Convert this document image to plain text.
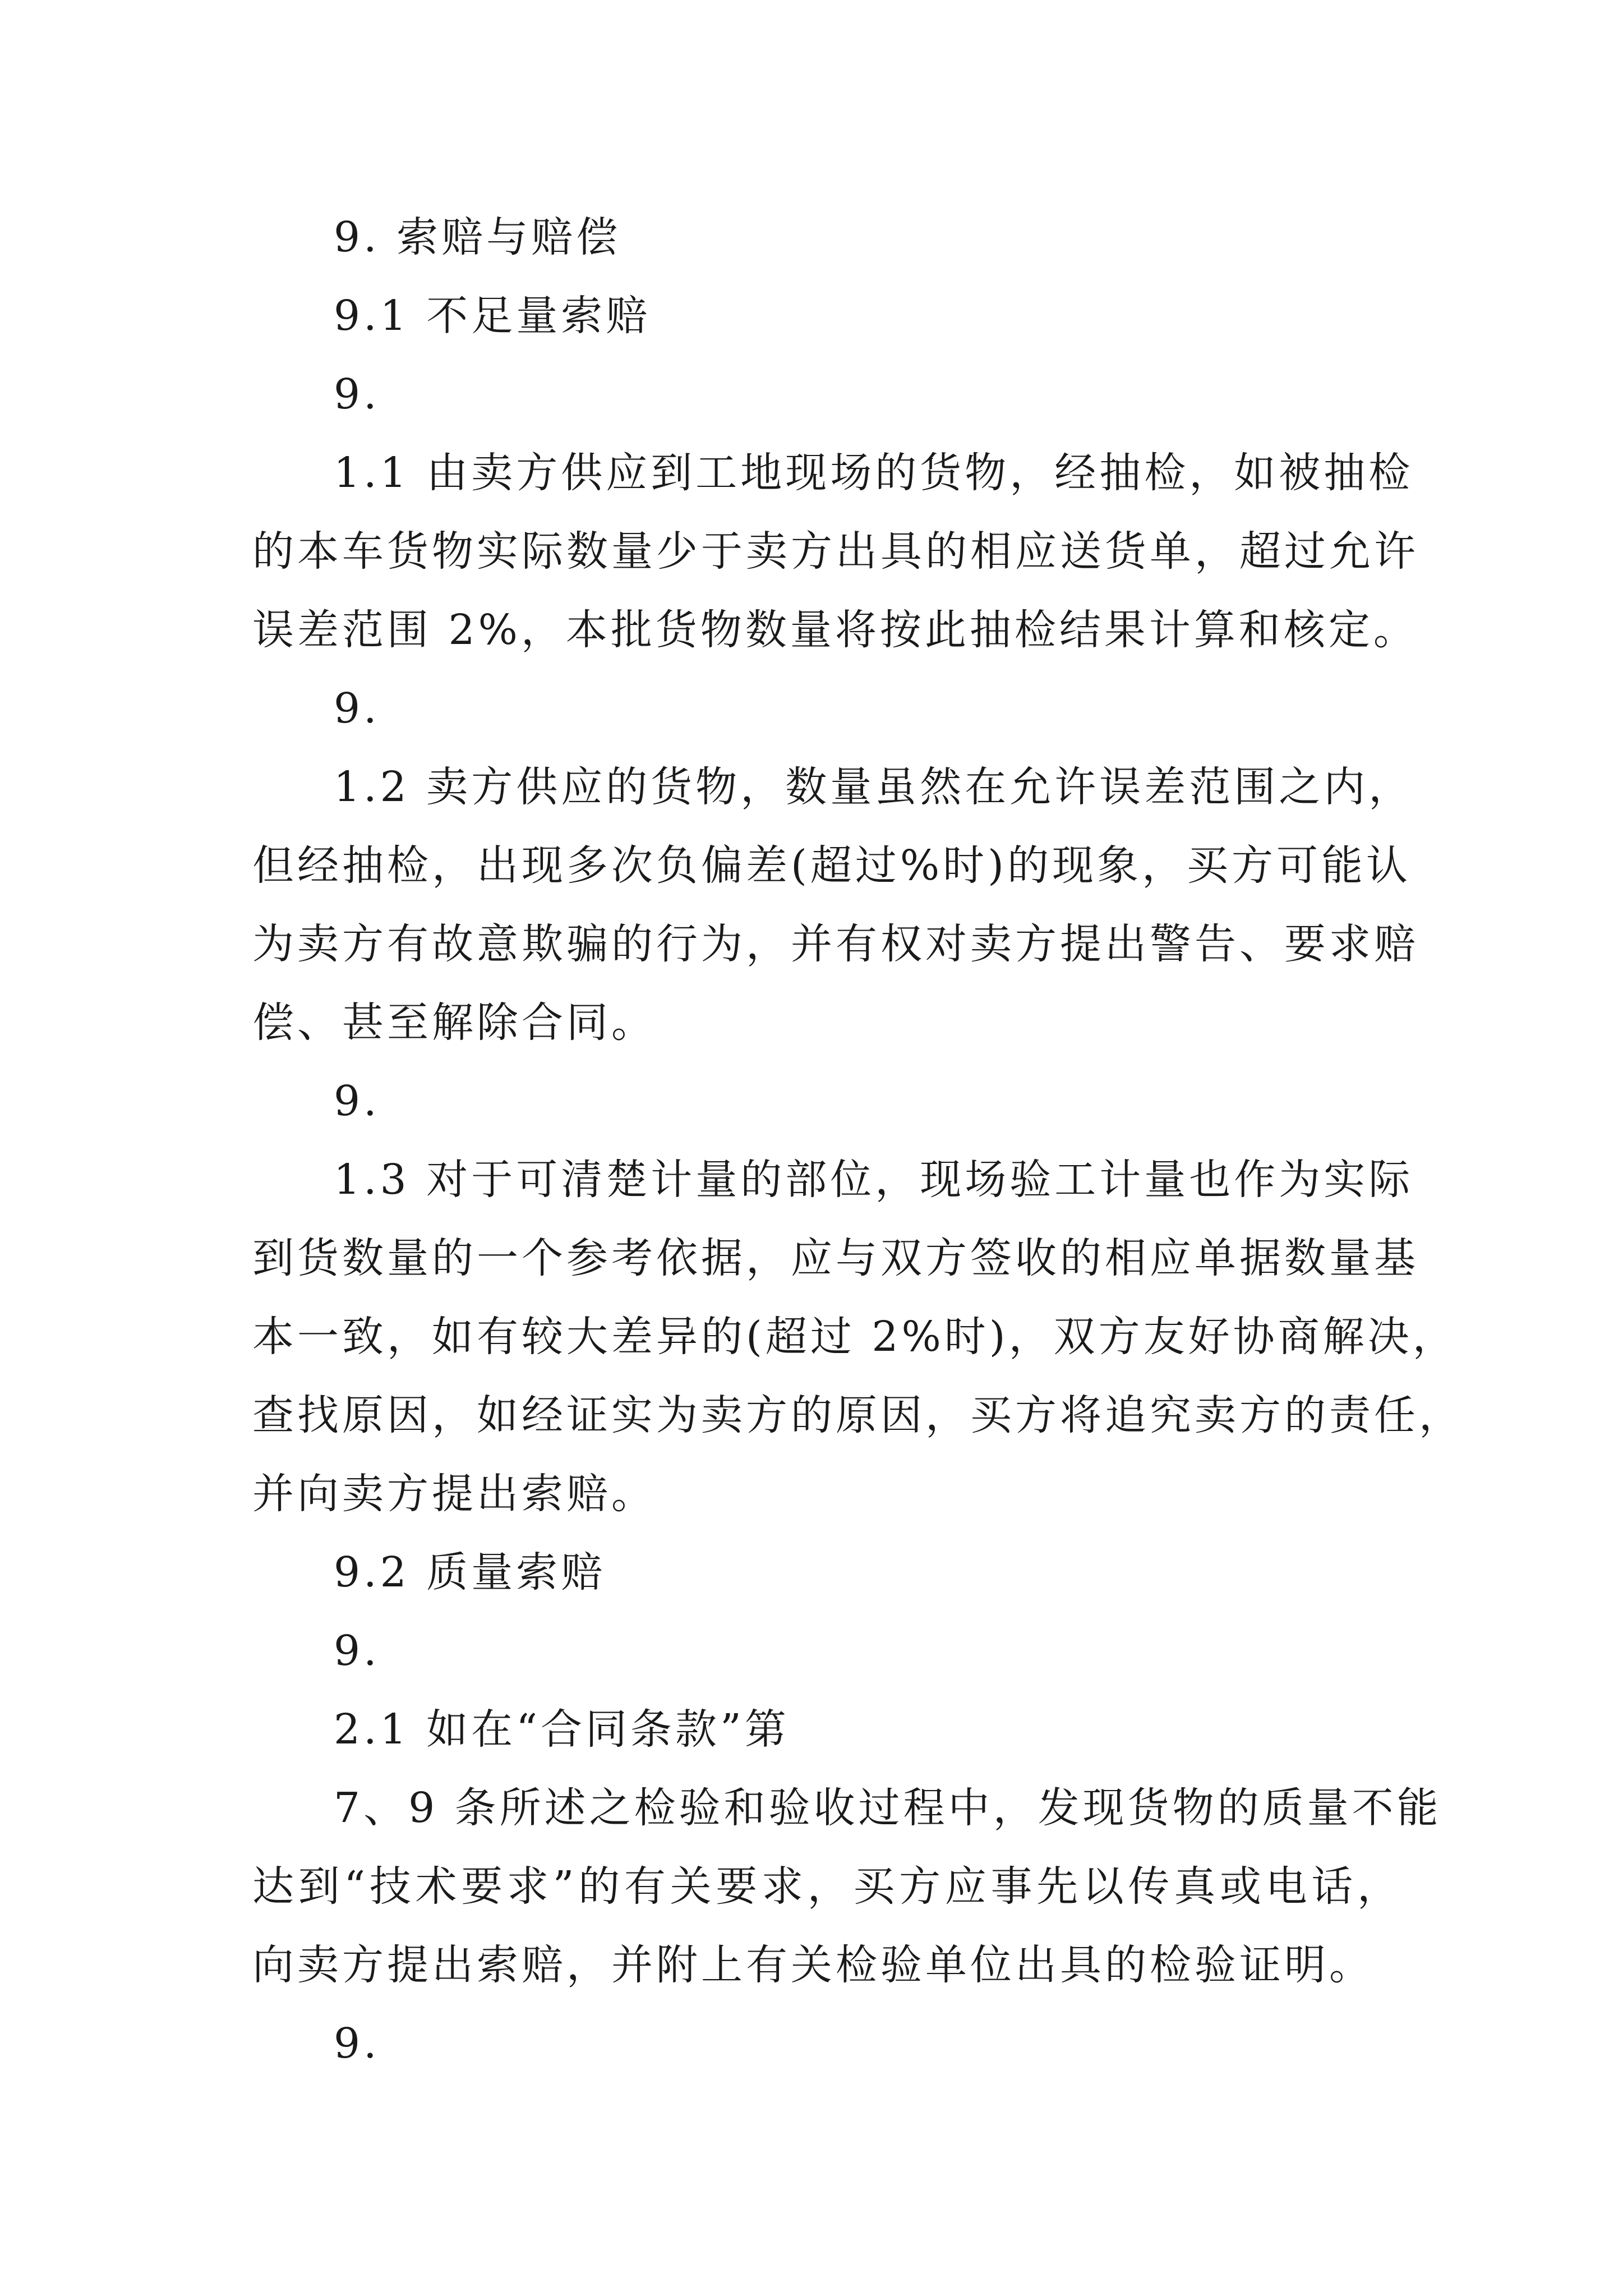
9. 索赔与赔偿
9.1 不足量索赔
9.
1.1 由卖方供应到工地现场的货物，经抽检，如被抽检
的本车货物实际数量少于卖方出具的相应送货单，超过允许
误差范围 2%，本批货物数量将按此抽检结果计算和核定。
9.
1.2 卖方供应的货物，数量虽然在允许误差范围之内，
但经抽检，出现多次负偏差(超过%时)的现象，买方可能认
为卖方有故意欺骗的行为，并有权对卖方提出警告、要求赔
偿、甚至解除合同。
9.
1.3 对于可清楚计量的部位，现场验工计量也作为实际
到货数量的一个参考依据，应与双方签收的相应单据数量基
本一致，如有较大差异的(超过 2%时)，双方友好协商解决，
查找原因，如经证实为卖方的原因，买方将追究卖方的责任，
并向卖方提出索赔。
9.2 质量索赔
9.
2.1 如在“合同条款”第
7、9 条所述之检验和验收过程中，发现货物的质量不能
达到“技术要求”的有关要求，买方应事先以传真或电话，
向卖方提出索赔，并附上有关检验单位出具的检验证明。
9.
